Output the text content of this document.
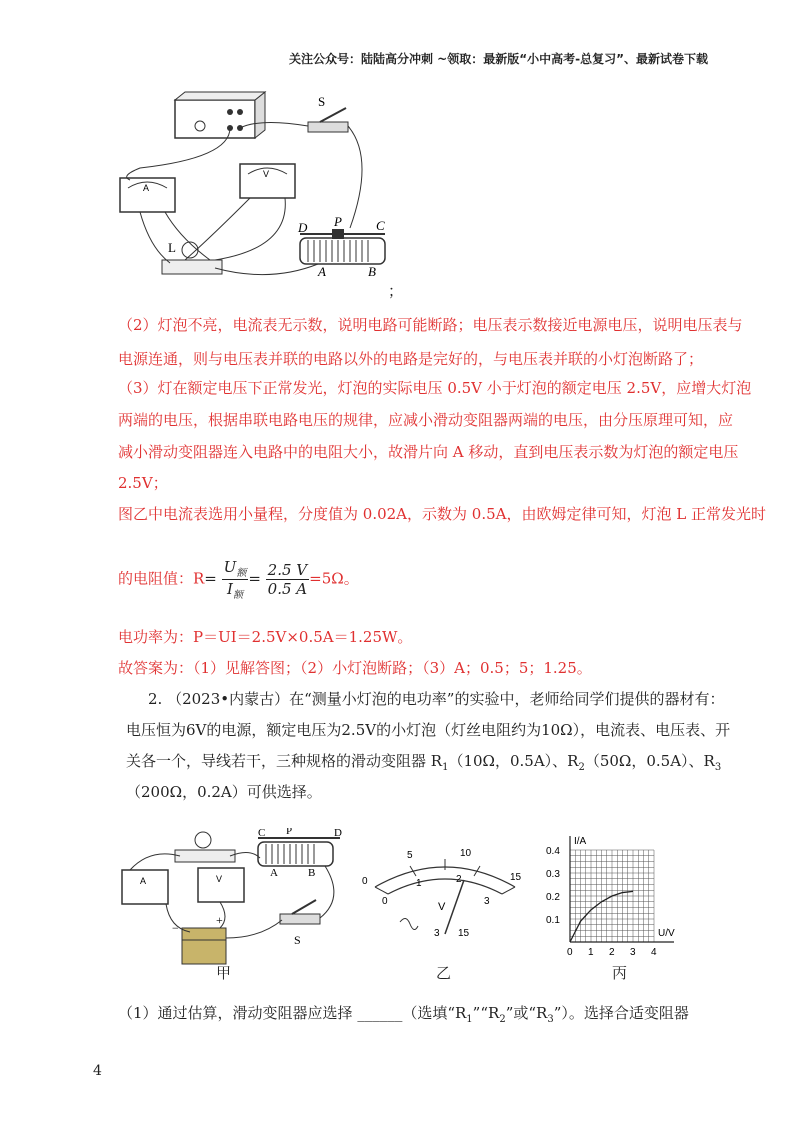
关注公众号：陆陆高分冲刺 ~领取：最新版“小中高考-总复习”、最新试卷下载
S
A
V
L
D P	C
A	B
；
（2）灯泡不亮，电流表无示数，说明电路可能断路；电压表示数接近电源电压，说明电压表与
电源连通，则与电压表并联的电路以外的电路是完好的，与电压表并联的小灯泡断路了；
（3）灯在额定电压下正常发光，灯泡的实际电压 0.5V 小于灯泡的额定电压 2.5V，应增大灯泡
两端的电压，根据串联电路电压的规律，应减小滑动变阻器两端的电压，由分压原理可知，应
减小滑动变阻器连入电路中的电阻大小，故滑片向 A 移动，直到电压表示数为灯泡的额定电压
2.5V；
图乙中电流表选用小量程，分度值为 0.02A，示数为 0.5A，由欧姆定律可知，灯泡 L 正常发光时
的电阻值：$R= \frac{U_额}{I_额} = \frac{2.5 V}{0.5 A} =5\Omega$。
电功率为：P＝UI＝2.5V×0.5A＝1.25W。
故答案为：（1）见解答图；（2）小灯泡断路；（3）A；0.5；5；1.25。
2. （2023•内蒙古）在“测量小灯泡的电功率”的实验中，老师给同学们提供的器材有：
电压恒为6V的电源，额定电压为2.5V的小灯泡（灯丝电阻约为10Ω），电流表、电压表、开
关各一个，导线若干，三种规格的滑动变阻器 $R_1(10\Omega$，0.5A）、$R_2(50\Omega$，0.5A）、$R_3$
（200Ω，0.2A）可供选择。
C P	D
A	B
A	V
−
+
S
甲
0
5	10
15
0
1	2
3
V
3 15
乙
0 1 2 3 4
0.1
0.2
0.3
0.4
U/V
I/A
丙
（1）通过估算，滑动变阻器应选择 ______（选填“$R_1”“R_2$”或“$R_3$”）。选择合适变阻器
4
